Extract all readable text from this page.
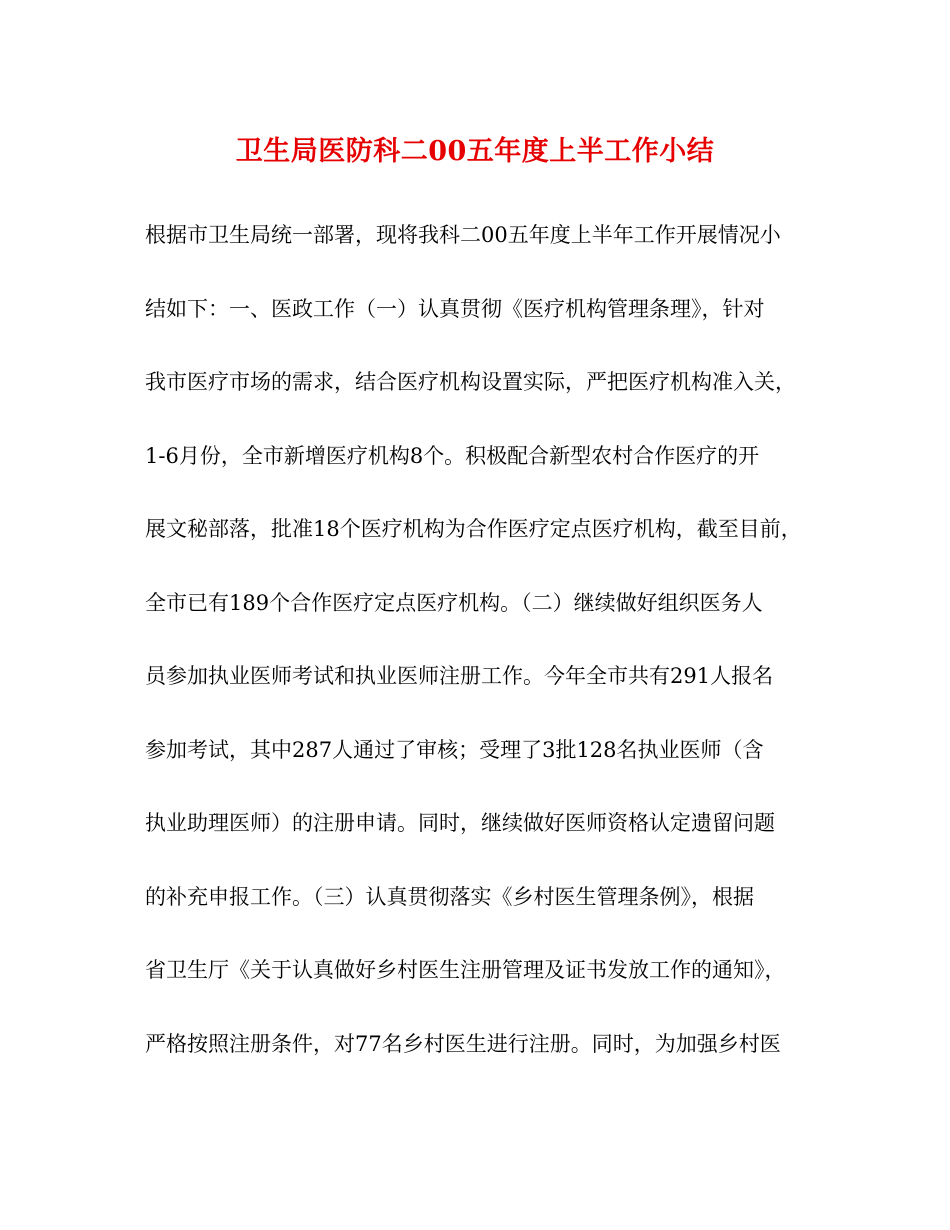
卫生局医防科二00五年度上半工作小结
根据市卫生局统一部署，现将我科二00五年度上半年工作开展情况小
结如下：一、医政工作（一）认真贯彻《医疗机构管理条理》，针对
我市医疗市场的需求，结合医疗机构设置实际，严把医疗机构准入关，
1-6月份，全市新增医疗机构8个。积极配合新型农村合作医疗的开
展文秘部落，批准18个医疗机构为合作医疗定点医疗机构，截至目前，
全市已有189个合作医疗定点医疗机构。（二）继续做好组织医务人
员参加执业医师考试和执业医师注册工作。今年全市共有291人报名
参加考试，其中287人通过了审核；受理了3批128名执业医师（含
执业助理医师）的注册申请。同时，继续做好医师资格认定遗留问题
的补充申报工作。（三）认真贯彻落实《乡村医生管理条例》，根据
省卫生厅《关于认真做好乡村医生注册管理及证书发放工作的通知》，
严格按照注册条件，对77名乡村医生进行注册。同时，为加强乡村医
